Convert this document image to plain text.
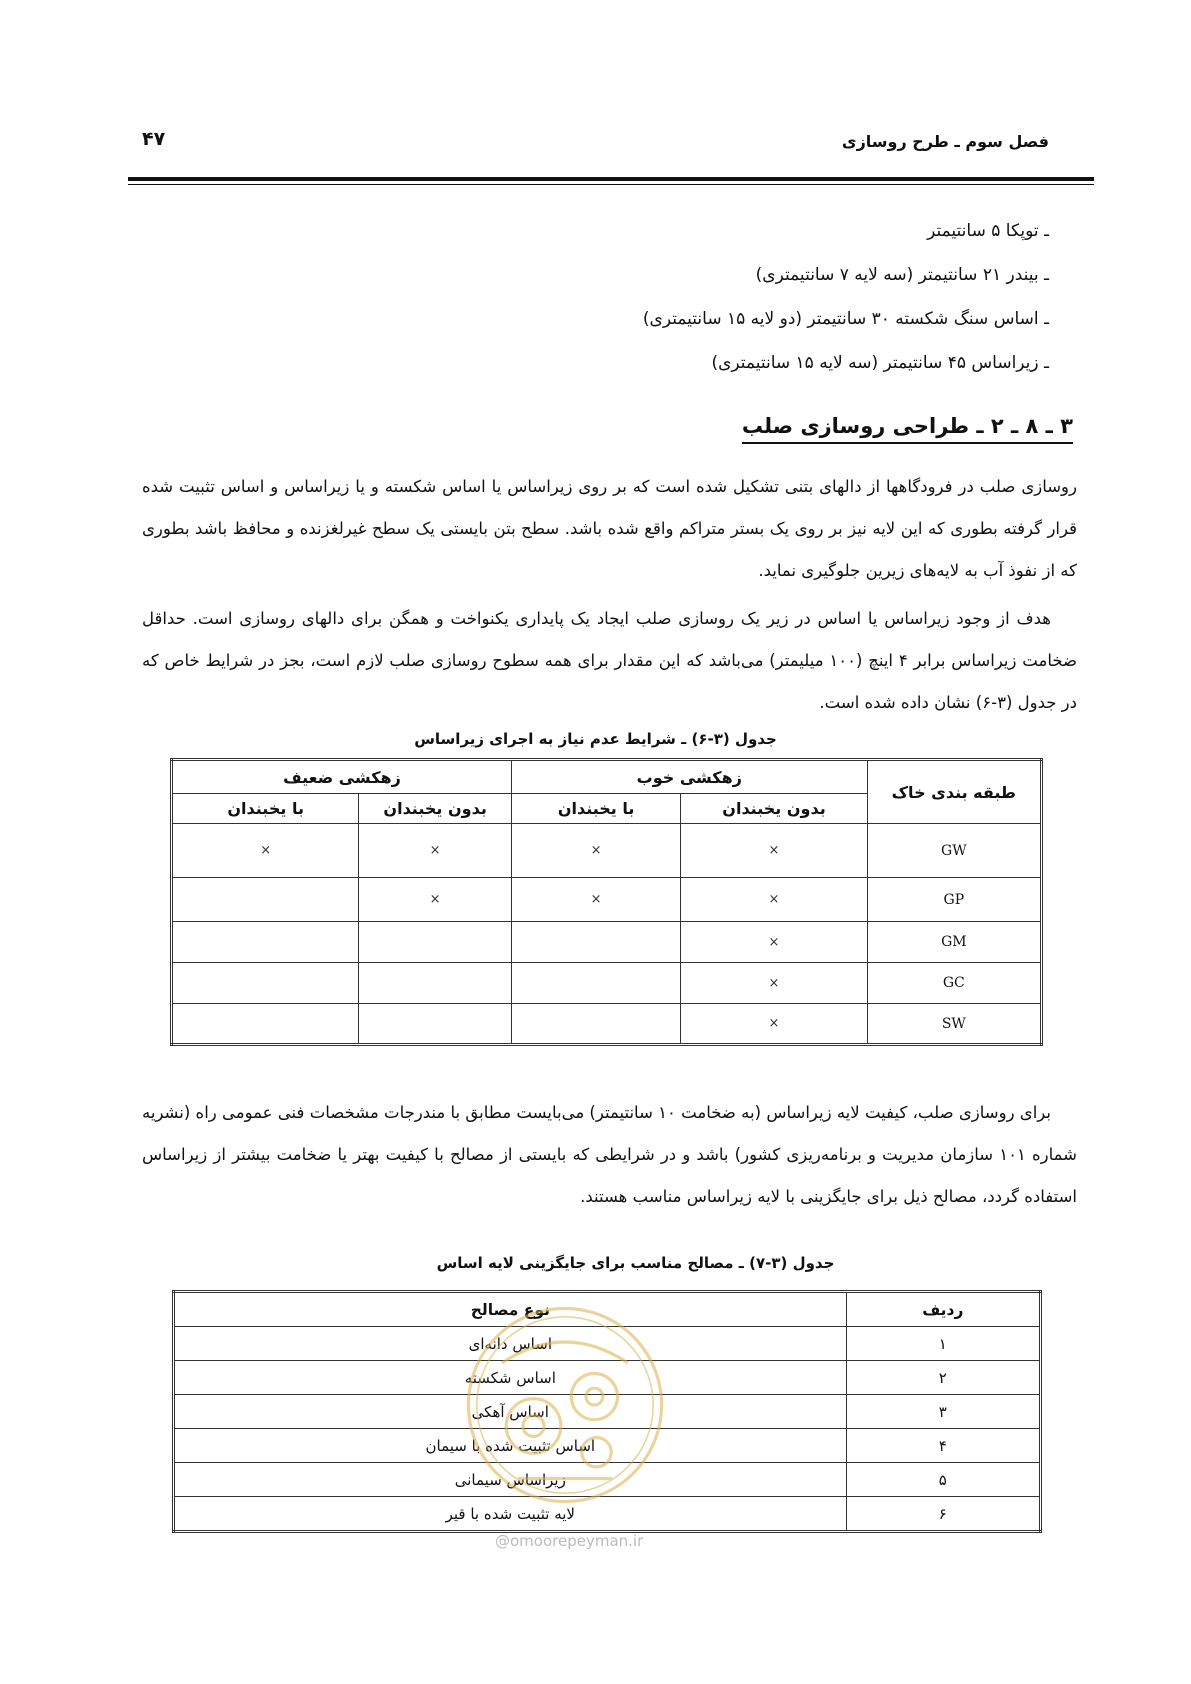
فصل سوم ـ طرح روسازی
۴۷
ـ توپکا ۵ سانتیمتر
ـ بیندر ۲۱ سانتیمتر (سه لایه ۷ سانتیمتری)
ـ اساس سنگ شکسته ۳۰ سانتیمتر (دو لایه ۱۵ سانتیمتری)
ـ زیراساس ۴۵ سانتیمتر (سه لایه ۱۵ سانتیمتری)
۳ ـ ۸ ـ ۲ ـ طراحی روسازی صلب

روسازی صلب در فرودگاهها از دالهای بتنی تشکیل شده است که بر روی زیراساس یا اساس شکسته و یا زیراساس و اساس تثبیت شده قرار گرفته بطوری که این لایه نیز بر روی یک بستر متراکم واقع شده باشد. سطح بتن بایستی یک سطح غیرلغزنده و محافظ باشد بطوری که از نفوذ آب به لایه‌های زیرین جلوگیری نماید.

هدف از وجود زیراساس یا اساس در زیر یک روسازی صلب ایجاد یک پایداری یکنواخت و همگن برای دالهای روسازی است. حداقل ضخامت زیراساس برابر ۴ اینچ (۱۰۰ میلیمتر) می‌باشد که این مقدار برای همه سطوح روسازی صلب لازم است، بجز در شرایط خاص که در جدول (۳-۶) نشان داده شده است.

جدول (۳-۶) ـ شرایط عدم نیاز به اجرای زیراساس
طبقه بندی خاک	زهکشی خوب		زهکشی ضعیف	
	بدون یخبندان	با یخبندان	بدون یخبندان	با یخبندان
GW	×	×	×	×
GP	×	×	×	
GM	×			
GC	×			
SW	×			

برای روسازی صلب، کیفیت لایه زیراساس (به ضخامت ۱۰ سانتیمتر) می‌بایست مطابق با مندرجات مشخصات فنی عمومی راه (نشریه شماره ۱۰۱ سازمان مدیریت و برنامه‌ریزی کشور) باشد و در شرایطی که بایستی از مصالح با کیفیت بهتر یا ضخامت بیشتر از زیراساس استفاده گردد، مصالح ذیل برای جایگزینی با لایه زیراساس مناسب هستند.

جدول (۳-۷) ـ مصالح مناسب برای جایگزینی لایه اساس
ردیف	نوع مصالح
۱	اساس دانه‌ای
۲	اساس شکسته
۳	اساس آهکی
۴	اساس تثبیت شده با سیمان
۵	زیراساس سیمانی
۶	لایه تثبیت شده با قیر
@omoorepeyman.ir
